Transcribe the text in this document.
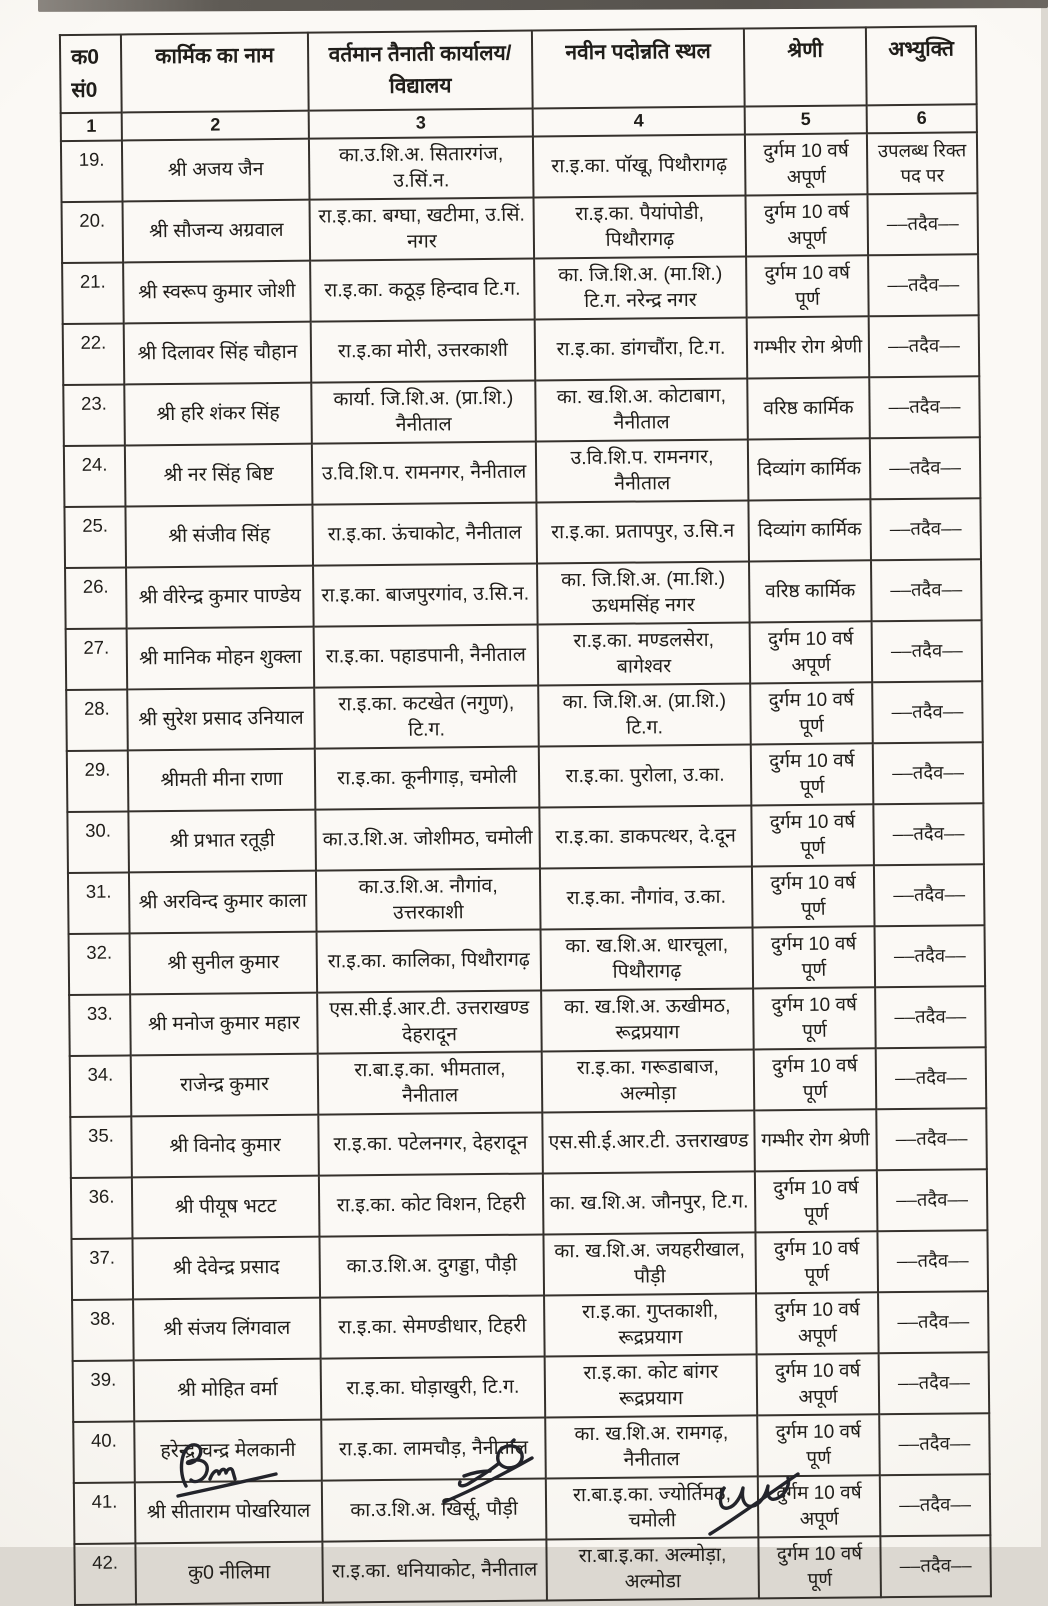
क0 सं0	कार्मिक का नाम	वर्तमान तैनाती कार्यालय/ विद्यालय	नवीन पदोन्नति स्थल	श्रेणी	अभ्युक्ति
1	2	3	4	5	6
19.	श्री अजय जैन	का.उ.शि.अ. सितारगंज, उ.सिं.न.	रा.इ.का. पॉखू, पिथौरागढ़	दुर्गम 10 वर्ष अपूर्ण	उपलब्ध रिक्त पद पर
20.	श्री सौजन्य अग्रवाल	रा.इ.का. बग्घा, खटीमा, उ.सिं. नगर	रा.इ.का. पैयांपोडी, पिथौरागढ़	दुर्गम 10 वर्ष अपूर्ण	––तदैव––
21.	श्री स्वरूप कुमार जोशी	रा.इ.का. कठूड़ हिन्दाव टि.ग.	का. जि.शि.अ. (मा.शि.) टि.ग. नरेन्द्र नगर	दुर्गम 10 वर्ष पूर्ण	––तदैव––
22.	श्री दिलावर सिंह चौहान	रा.इ.का मोरी, उत्तरकाशी	रा.इ.का. डांगचौंरा, टि.ग.	गम्भीर रोग श्रेणी	––तदैव––
23.	श्री हरि शंकर सिंह	कार्या. जि.शि.अ. (प्रा.शि.) नैनीताल	का. ख.शि.अ. कोटाबाग, नैनीताल	वरिष्ठ कार्मिक	––तदैव––
24.	श्री नर सिंह बिष्ट	उ.वि.शि.प. रामनगर, नैनीताल	उ.वि.शि.प. रामनगर, नैनीताल	दिव्यांग कार्मिक	––तदैव––
25.	श्री संजीव सिंह	रा.इ.का. ऊंचाकोट, नैनीताल	रा.इ.का. प्रतापपुर, उ.सि.न	दिव्यांग कार्मिक	––तदैव––
26.	श्री वीरेन्द्र कुमार पाण्डेय	रा.इ.का. बाजपुरगांव, उ.सि.न.	का. जि.शि.अ. (मा.शि.) ऊधमसिंह नगर	वरिष्ठ कार्मिक	––तदैव––
27.	श्री मानिक मोहन शुक्ला	रा.इ.का. पहाडपानी, नैनीताल	रा.इ.का. मण्डलसेरा, बागेश्वर	दुर्गम 10 वर्ष अपूर्ण	––तदैव––
28.	श्री सुरेश प्रसाद उनियाल	रा.इ.का. कटखेत (नगुण), टि.ग.	का. जि.शि.अ. (प्रा.शि.) टि.ग.	दुर्गम 10 वर्ष पूर्ण	––तदैव––
29.	श्रीमती मीना राणा	रा.इ.का. कूनीगाड़, चमोली	रा.इ.का. पुरोला, उ.का.	दुर्गम 10 वर्ष पूर्ण	––तदैव––
30.	श्री प्रभात रतूड़ी	का.उ.शि.अ. जोशीमठ, चमोली	रा.इ.का. डाकपत्थर, दे.दून	दुर्गम 10 वर्ष पूर्ण	––तदैव––
31.	श्री अरविन्द कुमार काला	का.उ.शि.अ. नौगांव, उत्तरकाशी	रा.इ.का. नौगांव, उ.का.	दुर्गम 10 वर्ष पूर्ण	––तदैव––
32.	श्री सुनील कुमार	रा.इ.का. कालिका, पिथौरागढ़	का. ख.शि.अ. धारचूला, पिथौरागढ़	दुर्गम 10 वर्ष पूर्ण	––तदैव––
33.	श्री मनोज कुमार महार	एस.सी.ई.आर.टी. उत्तराखण्ड देहरादून	का. ख.शि.अ. ऊखीमठ, रूद्रप्रयाग	दुर्गम 10 वर्ष पूर्ण	––तदैव––
34.	राजेन्द्र कुमार	रा.बा.इ.का. भीमताल, नैनीताल	रा.इ.का. गरूडाबाज, अल्मोड़ा	दुर्गम 10 वर्ष पूर्ण	––तदैव––
35.	श्री विनोद कुमार	रा.इ.का. पटेलनगर, देहरादून	एस.सी.ई.आर.टी. उत्तराखण्ड	गम्भीर रोग श्रेणी	––तदैव––
36.	श्री पीयूष भटट	रा.इ.का. कोट विशन, टिहरी	का. ख.शि.अ. जौनपुर, टि.ग.	दुर्गम 10 वर्ष पूर्ण	––तदैव––
37.	श्री देवेन्द्र प्रसाद	का.उ.शि.अ. दुगड्डा, पौड़ी	का. ख.शि.अ. जयहरीखाल, पौड़ी	दुर्गम 10 वर्ष पूर्ण	––तदैव––
38.	श्री संजय लिंगवाल	रा.इ.का. सेमण्डीधार, टिहरी	रा.इ.का. गुप्तकाशी, रूद्रप्रयाग	दुर्गम 10 वर्ष अपूर्ण	––तदैव––
39.	श्री मोहित वर्मा	रा.इ.का. घोड़ाखुरी, टि.ग.	रा.इ.का. कोट बांगर रूद्रप्रयाग	दुर्गम 10 वर्ष अपूर्ण	––तदैव––
40.	हरेन्द्र चन्द्र मेलकानी	रा.इ.का. लामचौड़, नैनीताल	का. ख.शि.अ. रामगढ़, नैनीताल	दुर्गम 10 वर्ष पूर्ण	––तदैव––
41.	श्री सीताराम पोखरियाल	का.उ.शि.अ. खिर्सू, पौड़ी	रा.बा.इ.का. ज्योर्तिमठ, चमोली	दुर्गम 10 वर्ष अपूर्ण	––तदैव––
42.	कु0 नीलिमा	रा.इ.का. धनियाकोट, नैनीताल	रा.बा.इ.का. अल्मोड़ा, अल्मोडा	दुर्गम 10 वर्ष पूर्ण	––तदैव––
